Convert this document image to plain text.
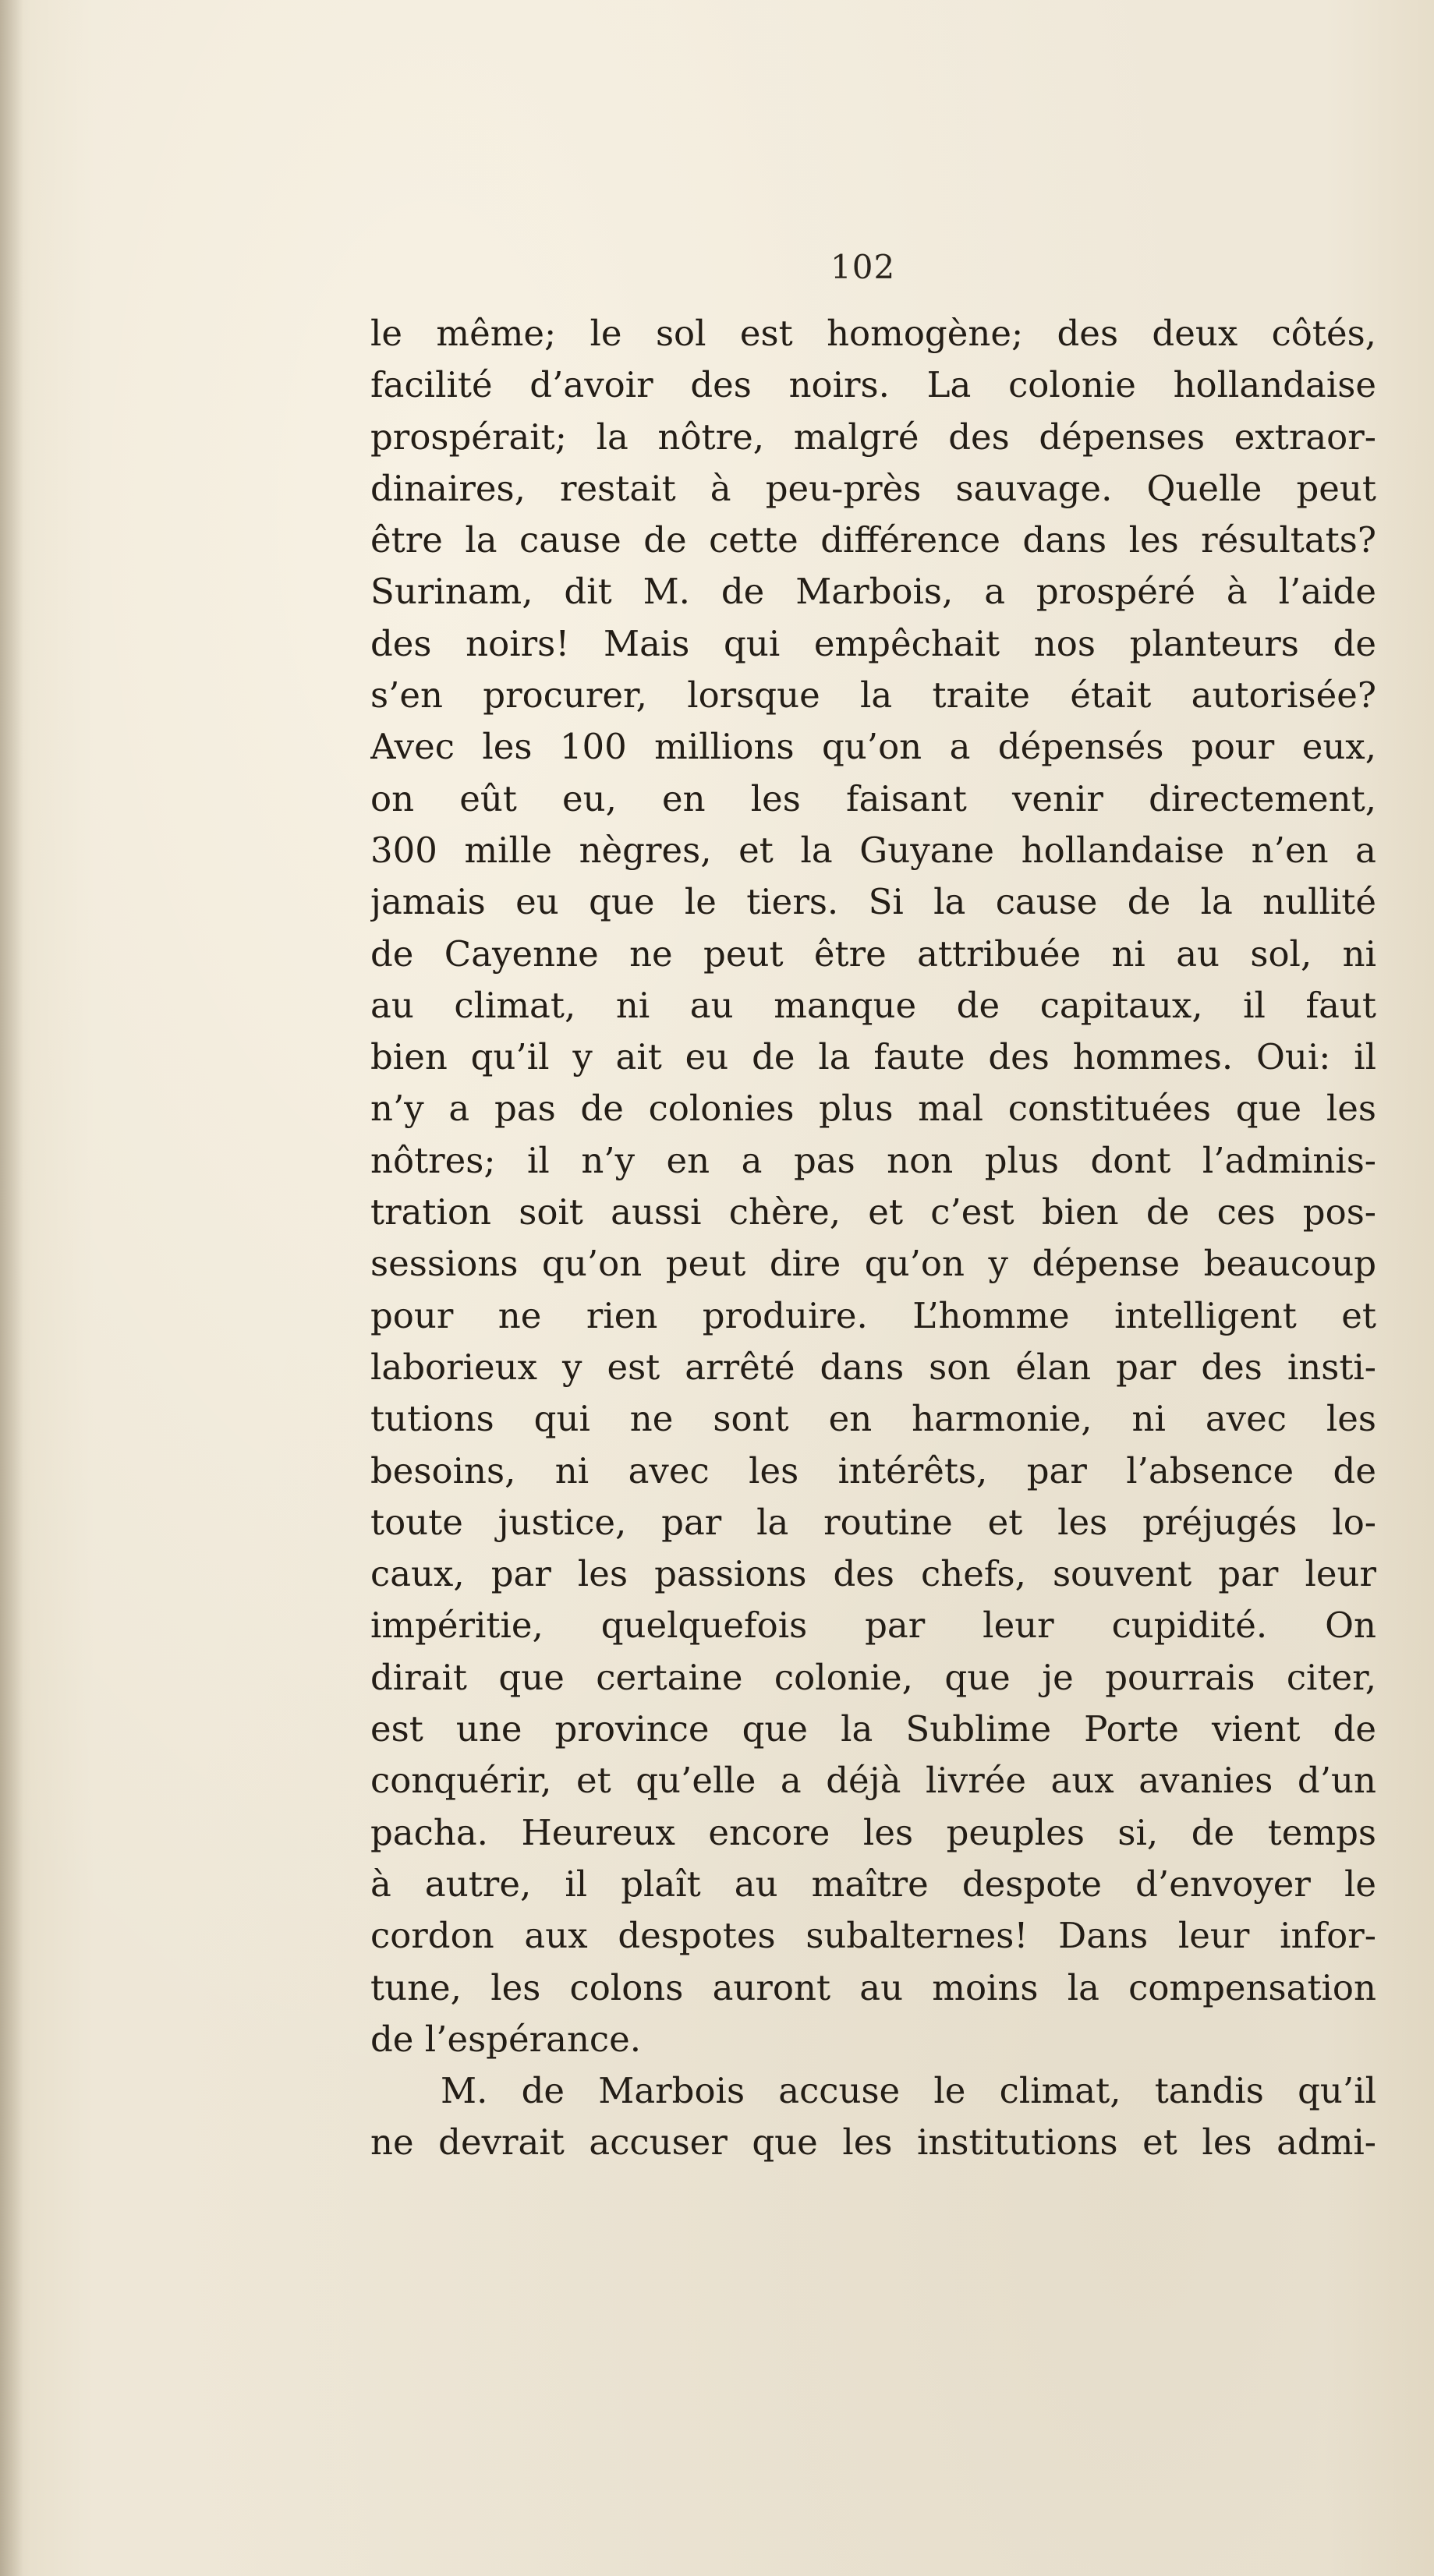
102
le même; le sol est homogène; des deux côtés,
facilité d’avoir des noirs. La colonie hollandaise
prospérait; la nôtre, malgré des dépenses extraor-
dinaires, restait à peu-près sauvage. Quelle peut
être la cause de cette différence dans les résultats?
Surinam, dit M. de Marbois, a prospéré à l’aide
des noirs! Mais qui empêchait nos planteurs de
s’en procurer, lorsque la traite était autorisée?
Avec les 100 millions qu’on a dépensés pour eux,
on eût eu, en les faisant venir directement,
300 mille nègres, et la Guyane hollandaise n’en a
jamais eu que le tiers. Si la cause de la nullité
de Cayenne ne peut être attribuée ni au sol, ni
au climat, ni au manque de capitaux, il faut
bien qu’il y ait eu de la faute des hommes. Oui: il
n’y a pas de colonies plus mal constituées que les
nôtres; il n’y en a pas non plus dont l’adminis-
tration soit aussi chère, et c’est bien de ces pos-
sessions qu’on peut dire qu’on y dépense beaucoup
pour ne rien produire. L’homme intelligent et
laborieux y est arrêté dans son élan par des insti-
tutions qui ne sont en harmonie, ni avec les
besoins, ni avec les intérêts, par l’absence de
toute justice, par la routine et les préjugés lo-
caux, par les passions des chefs, souvent par leur
impéritie, quelquefois par leur cupidité. On
dirait que certaine colonie, que je pourrais citer,
est une province que la Sublime Porte vient de
conquérir, et qu’elle a déjà livrée aux avanies d’un
pacha. Heureux encore les peuples si, de temps
à autre, il plaît au maître despote d’envoyer le
cordon aux despotes subalternes! Dans leur infor-
tune, les colons auront au moins la compensation
de l’espérance.
M. de Marbois accuse le climat, tandis qu’il
ne devrait accuser que les institutions et les admi-
